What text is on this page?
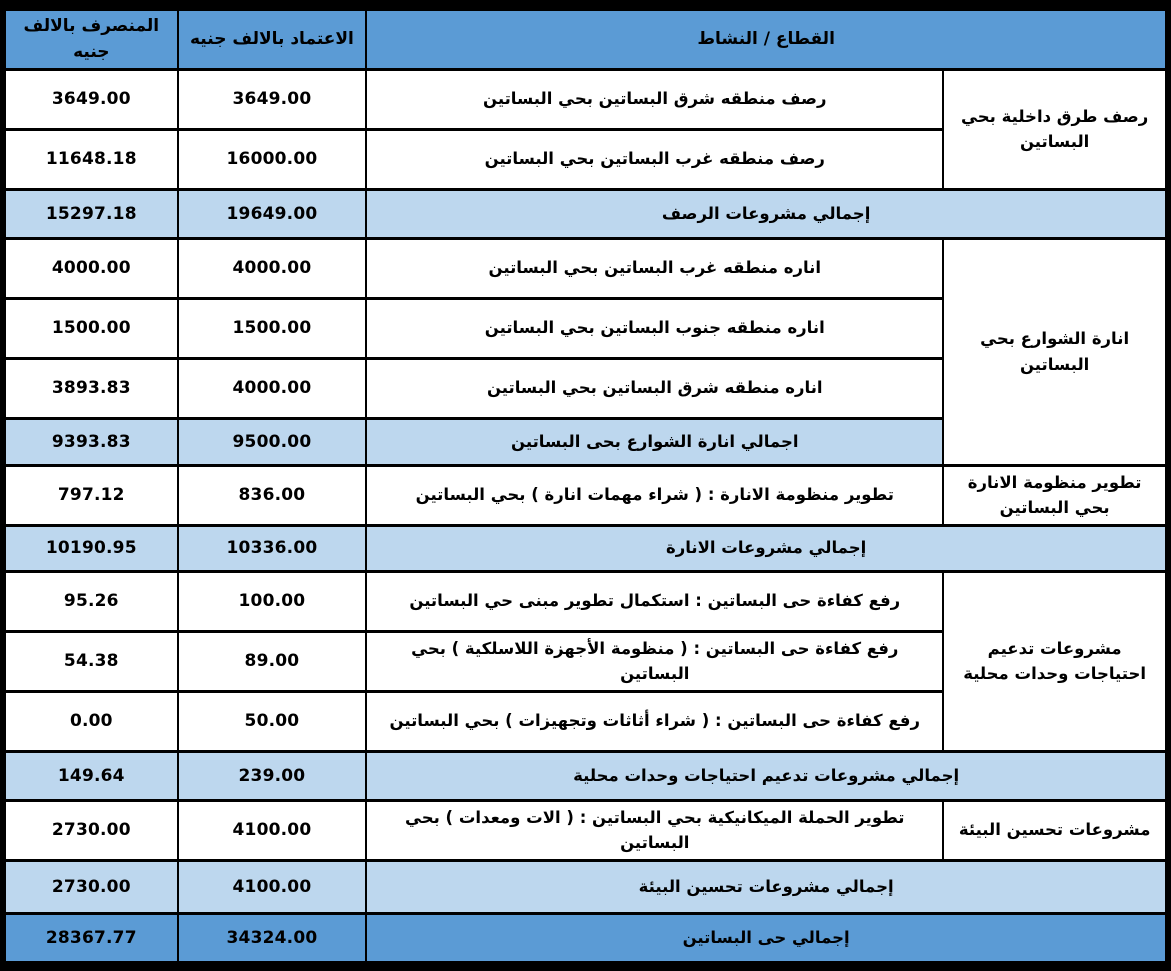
القطاع / النشاط		الاعتماد بالالف جنيه	المنصرف بالالف جنيه
رصف طرق داخلية بحي البساتين	رصف منطقه شرق البساتين بحي البساتين	3649.00	3649.00
	رصف منطقه غرب البساتين بحي البساتين	16000.00	11648.18
إجمالي مشروعات الرصف		19649.00	15297.18
انارة الشوارع بحي البساتين	اناره منطقه غرب البساتين بحي البساتين	4000.00	4000.00
	اناره منطقه جنوب البساتين بحي البساتين	1500.00	1500.00
	اناره منطقه شرق البساتين بحي البساتين	4000.00	3893.83
	اجمالي انارة الشوارع بحى البساتين	9500.00	9393.83
تطوير منظومة الانارة بحي البساتين	تطوير منظومة الانارة : ( شراء مهمات انارة ) بحي البساتين	836.00	797.12
إجمالي مشروعات الانارة		10336.00	10190.95
مشروعات تدعيم احتياجات وحدات محلية	رفع كفاءة حى البساتين : استكمال تطوير مبنى حي البساتين	100.00	95.26
	رفع كفاءة حى البساتين : ( منظومة الأجهزة اللاسلكية ) بحي البساتين	89.00	54.38
	رفع كفاءة حى البساتين : ( شراء أثاثات وتجهيزات ) بحي البساتين	50.00	0.00
إجمالي مشروعات تدعيم احتياجات وحدات محلية		239.00	149.64
مشروعات تحسين البيئة	تطوير الحملة الميكانيكية بحي البساتين : ( الات ومعدات ) بحي البساتين	4100.00	2730.00
إجمالي مشروعات تحسين البيئة		4100.00	2730.00
إجمالي حى البساتين		34324.00	28367.77
